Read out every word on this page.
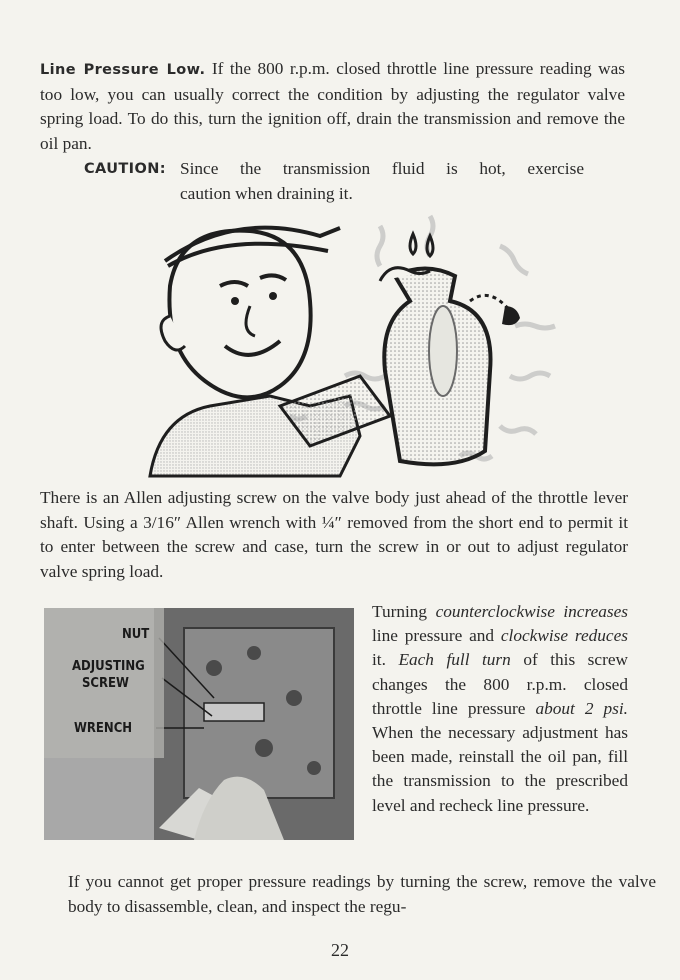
Line Pressure Low. If the 800 r.p.m. closed throttle line pressure reading was too low, you can usually correct the condition by adjusting the regulator valve spring load. To do this, turn the ignition off, drain the transmission and remove the oil pan.

CAUTION: Since the transmission fluid is hot, exercise
caution when draining it.

There is an Allen adjusting screw on the valve body just ahead of the throttle lever shaft. Using a 3/16″ Allen wrench with ¼″ removed from the short end to permit it to enter between the screw and case, turn the screw in or out to adjust regulator valve spring load.

NUT
ADJUSTING
SCREW
WRENCH

Turning counterclockwise increases line pressure and clockwise reduces it. Each full turn of this screw changes the 800 r.p.m. closed throttle line pressure about 2 psi. When the necessary adjustment has been made, reinstall the oil pan, fill the transmission to the prescribed level and recheck line pressure.

If you cannot get proper pressure readings by turning the screw, remove the valve body to disassemble, clean, and inspect the regu-

22
